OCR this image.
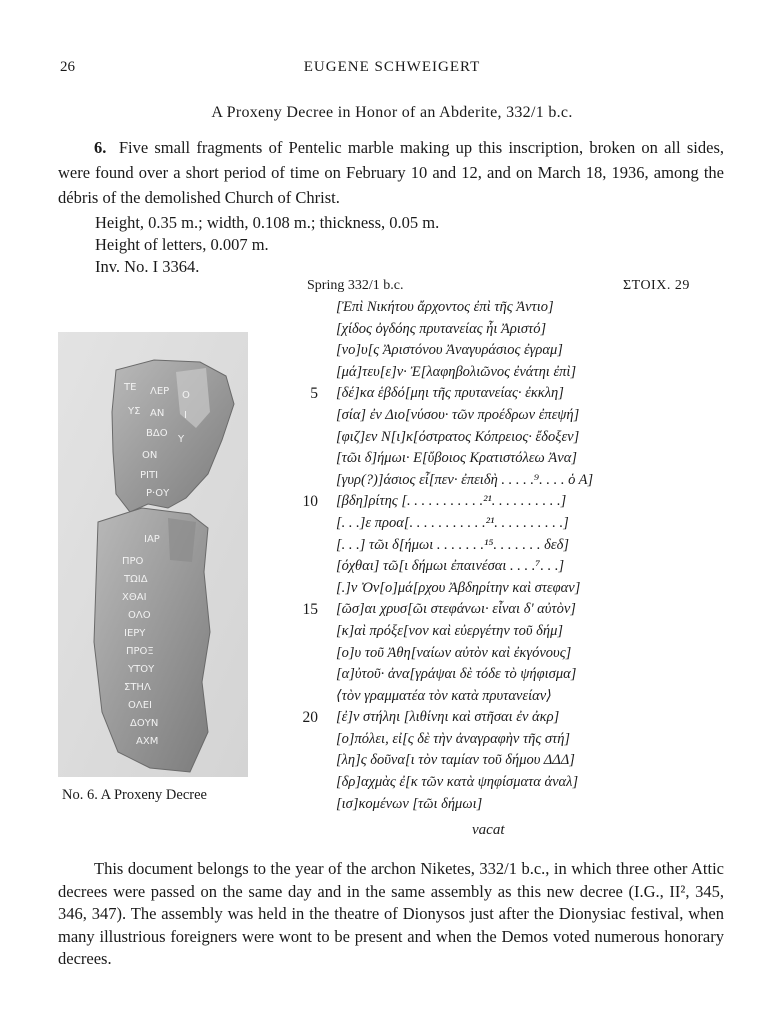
26	EUGENE SCHWEIGERT
A Proxeny Decree in Honor of an Abderite, 332/1 b.c.
6. Five small fragments of Pentelic marble making up this inscription, broken on all sides, were found over a short period of time on February 10 and 12, and on March 18, 1936, among the débris of the demolished Church of Christ.
Height, 0.35 m.; width, 0.108 m.; thickness, 0.05 m.
Height of letters, 0.007 m.
Inv. No. I 3364.
ΤΕ ΛΕΡ Ο
ΥΣ ΑΝ Ι
ΒΔΟ
Υ
ΟΝ
ΡΙΤΙ
Ρ·ΟΥ
ΙΑΡ
ΠΡΟ
ΤΩΙΔ
ΧΘΑΙ
ΟΛΟ
ΙΕΡΥ
ΠΡΟΞ
ΥΤΟΥ
ΣΤΗΛ
ΟΛΕΙ
ΔΟΥΝ
ΑΧΜ
No. 6. A Proxeny Decree
Spring 332/1 b.c.	ΣΤΟΙΧ. 29
[Ἐπὶ Νικήτου ἄρχοντος ἐπὶ τῆς Ἀντιο]
[χίδος ὀγδόης πρυτανείας ἧι Ἀριστό]
[νο]υ[ς Ἀριστόνου Ἀναγυράσιος ἐγραμ]
[μά]τευ[ε]ν· Ἐ[λαφηβολιῶνος ἐνάτηι ἐπὶ]
5 [δέ]κα ἑβδό[μηι τῆς πρυτανείας· ἐκκλη]
[σία] ἐν Διο[νύσου· τῶν προέδρων ἐπεψή]
[φιζ]εν Ν[ι]κ[όστρατος Κόπρειος· ἔδοξεν]
[τῶι δ]ήμωι· Ε[ὔβοιος Κρατιστόλεω Ἀνα]
[γυρ(?)]άσιος εἶ[πεν· ἐπειδὴ . . . . .⁹. . . . ὁ Α]
10 [βδη]ρίτης [. . . . . . . . . . .²¹. . . . . . . . . .]
[. . .]ε προα[. . . . . . . . . . .²¹. . . . . . . . . .]
[. . .] τῶι δ[ήμωι . . . . . . .¹⁵. . . . . . . δεδ]
[όχθαι] τῶ[ι δήμωι ἐπαινέσαι . . . .⁷. . .]
[.]ν Ὀν[ο]μά[ρχου Ἀβδηρίτην καὶ στεφαν]
15 [ῶσ]αι χρυσ[ῶι στεφάνωι· εἶναι δ' αὐτὸν]
[κ]αὶ πρόξε[νον καὶ εὐεργέτην τοῦ δήμ]
[ο]υ τοῦ Ἀθη[ναίων αὐτὸν καὶ ἐκγόνους]
[α]ὐτοῦ· ἀνα[γράψαι δὲ τόδε τὸ ψήφισμα]
⟨τὸν γραμματέα τὸν κατὰ πρυτανείαν⟩
20 [ἐ]ν στήληι [λιθίνηι καὶ στῆσαι ἐν ἀκρ]
[ο]πόλει, εἰ[ς δὲ τὴν ἀναγραφὴν τῆς στή]
[λη]ς δοῦνα[ι τὸν ταμίαν τοῦ δήμου ΔΔΔ]
[δρ]αχμὰς ἐ[κ τῶν κατὰ ψηφίσματα ἀναλ]
[ισ]κομένων [τῶι δήμωι]
vacat
This document belongs to the year of the archon Niketes, 332/1 b.c., in which three other Attic decrees were passed on the same day and in the same assembly as this new decree (I.G., II², 345, 346, 347). The assembly was held in the theatre of Dionysos just after the Dionysiac festival, when many illustrious foreigners were wont to be present and when the Demos voted numerous honorary decrees.
